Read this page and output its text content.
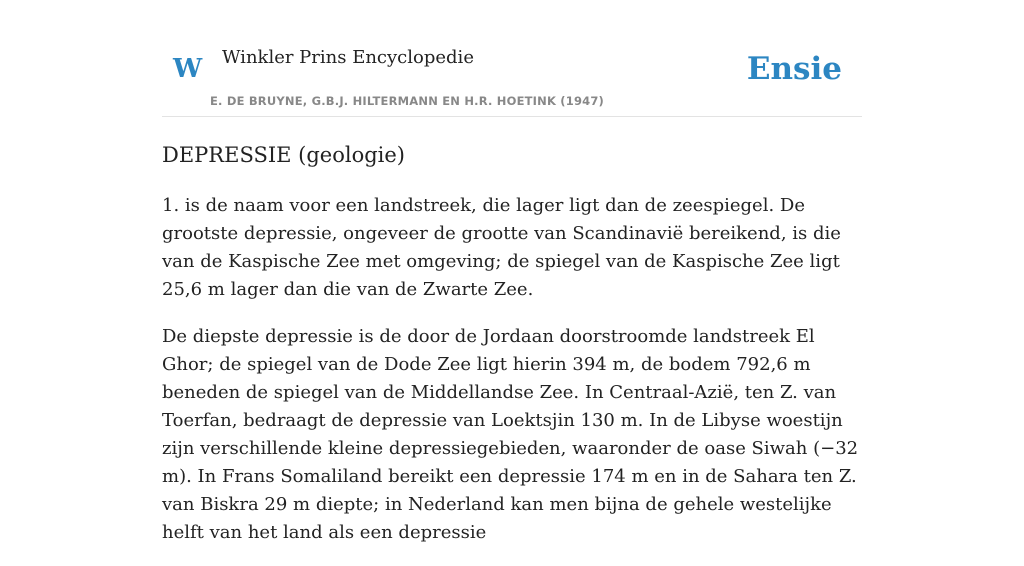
W Winkler Prins Encyclopedie
E. DE BRUYNE, G.B.J. HILTERMANN EN H.R. HOETINK (1947)
Ensie
DEPRESSIE (geologie)

1. is de naam voor een landstreek, die lager ligt dan de zeespiegel. De grootste depressie, ongeveer de grootte van Scandinavië bereikend, is die van de Kaspische Zee met omgeving; de spiegel van de Kaspische Zee ligt 25,6 m lager dan die van de Zwarte Zee.

De diepste depressie is de door de Jordaan doorstroomde landstreek El Ghor; de spiegel van de Dode Zee ligt hierin 394 m, de bodem 792,6 m beneden de spiegel van de Middellandse Zee. In Centraal-Azië, ten Z. van Toerfan, bedraagt de depressie van Loektsjin 130 m. In de Libyse woestijn zijn verschillende kleine depressiegebieden, waaronder de oase Siwah (−32 m). In Frans Somaliland bereikt een depressie 174 m en in de Sahara ten Z. van Biskra 29 m diepte; in Nederland kan men bijna de gehele westelijke helft van het land als een depressie
